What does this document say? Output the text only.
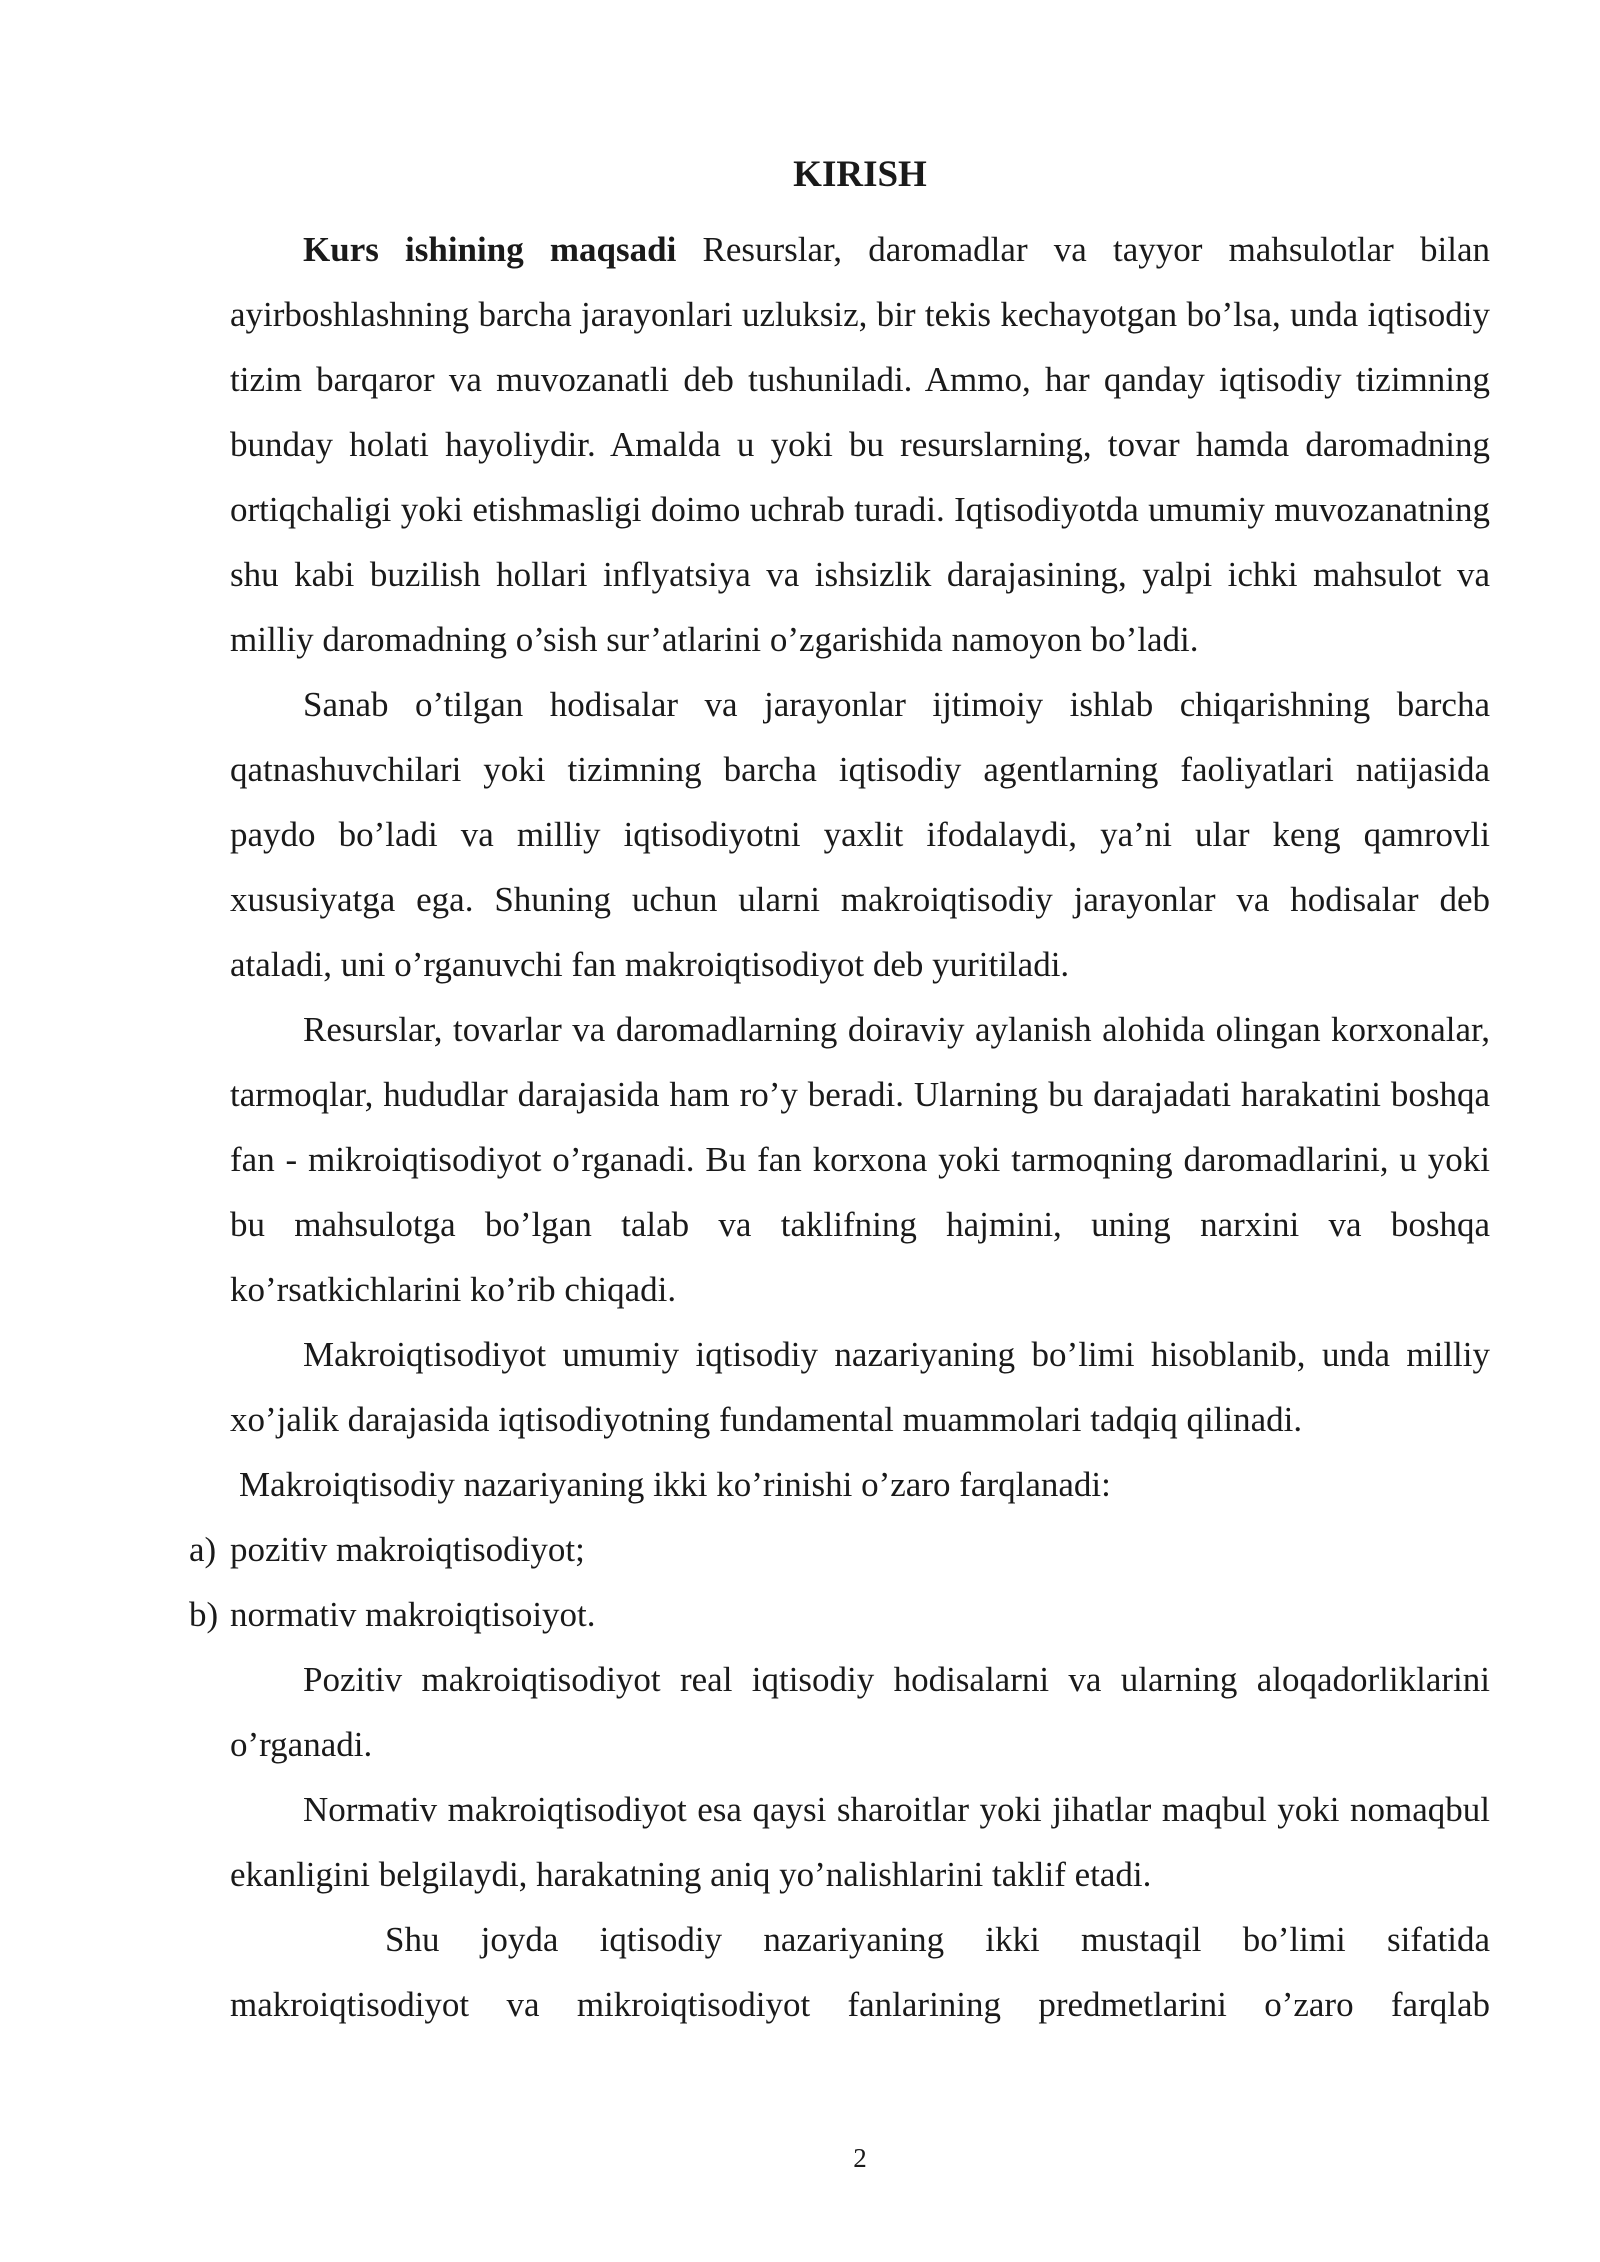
KIRISH

Kurs ishining maqsadi Resurslar, daromadlar va tayyor mahsulotlar bilan ayirboshlashning barcha jarayonlari uzluksiz, bir tekis kechayotgan bo’lsa, unda iqtisodiy tizim barqaror va muvozanatli deb tushuniladi. Ammo, har qanday iqtisodiy tizimning bunday holati hayoliydir. Amalda u yoki bu resurslarning, tovar hamda daromadning ortiqchaligi yoki etishmasligi doimo uchrab turadi. Iqtisodiyotda umumiy muvozanatning shu kabi buzilish hollari inflyatsiya va ishsizlik darajasining, yalpi ichki mahsulot va milliy daromadning o’sish sur’atlarini o’zgarishida namoyon bo’ladi.

Sanab o’tilgan hodisalar va jarayonlar ijtimoiy ishlab chiqarishning barcha qatnashuvchilari yoki tizimning barcha iqtisodiy agentlarning faoliyatlari natijasida paydo bo’ladi va milliy iqtisodiyotni yaxlit ifodalaydi, ya’ni ular keng qamrovli xususiyatga ega. Shuning uchun ularni makroiqtisodiy jarayonlar va hodisalar deb ataladi, uni o’rganuvchi fan makroiqtisodiyot deb yuritiladi.

Resurslar, tovarlar va daromadlarning doiraviy aylanish alohida olingan korxonalar, tarmoqlar, hududlar darajasida ham ro’y beradi. Ularning bu darajadati harakatini boshqa fan - mikroiqtisodiyot o’rganadi. Bu fan korxona yoki tarmoqning daromadlarini, u yoki bu mahsulotga bo’lgan talab va taklifning hajmini, uning narxini va boshqa ko’rsatkichlarini ko’rib chiqadi.

Makroiqtisodiyot umumiy iqtisodiy nazariyaning bo’limi hisoblanib, unda milliy xo’jalik darajasida iqtisodiyotning fundamental muammolari tadqiq qilinadi.

Makroiqtisodiy nazariyaning ikki ko’rinishi o’zaro farqlanadi:

a) pozitiv makroiqtisodiyot;
b) normativ makroiqtisoiyot.

Pozitiv makroiqtisodiyot real iqtisodiy hodisalarni va ularning aloqadorliklarini o’rganadi.

Normativ makroiqtisodiyot esa qaysi sharoitlar yoki jihatlar maqbul yoki nomaqbul ekanligini belgilaydi, harakatning aniq yo’nalishlarini taklif etadi.

Shu joyda iqtisodiy nazariyaning ikki mustaqil bo’limi sifatida makroiqtisodiyot va mikroiqtisodiyot fanlarining predmetlarini o’zaro farqlab

2
